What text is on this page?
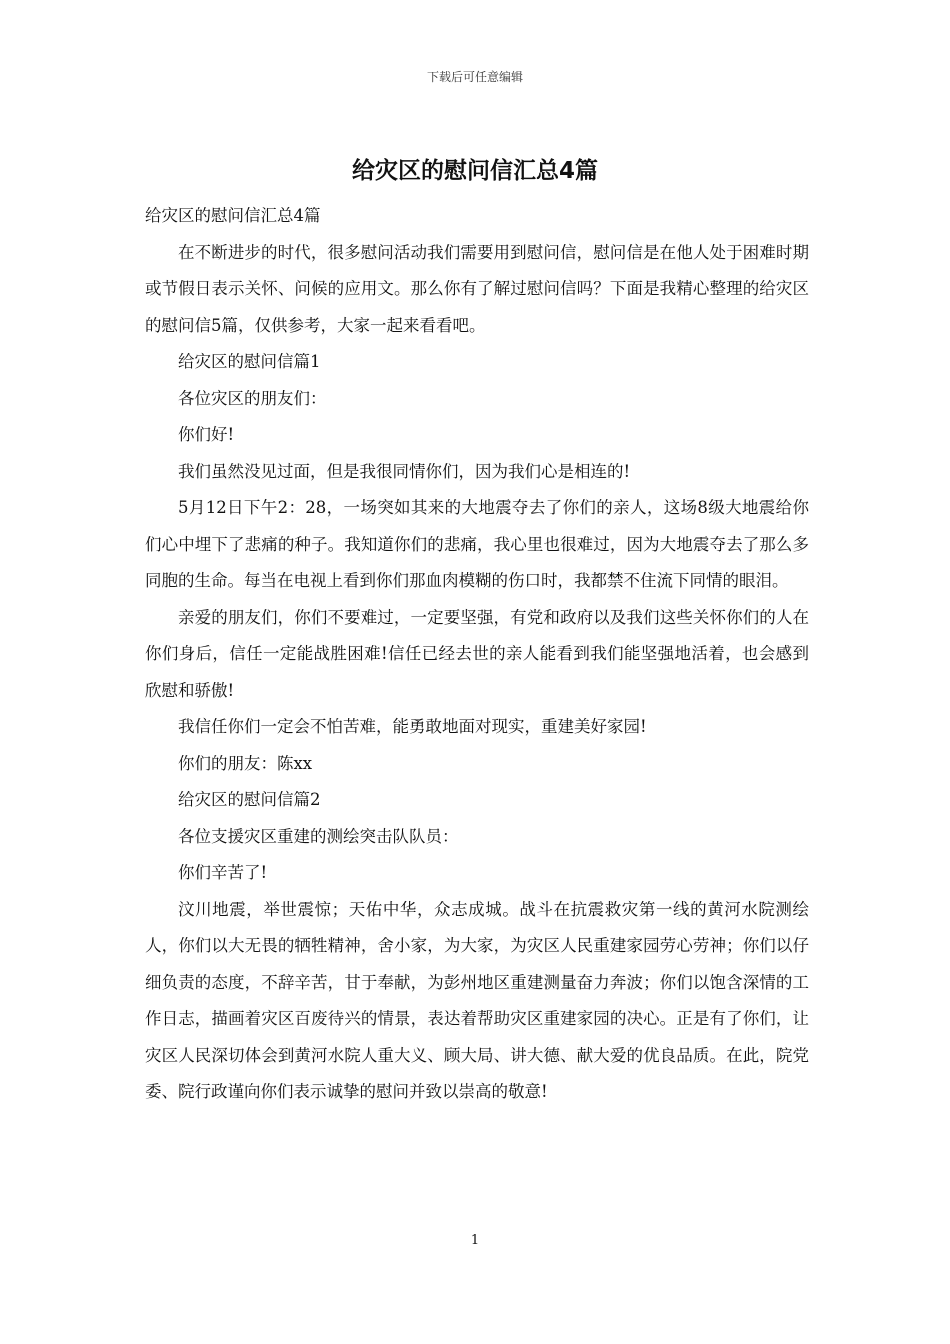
下载后可任意编辑
给灾区的慰问信汇总4篇

给灾区的慰问信汇总4篇

在不断进步的时代，很多慰问活动我们需要用到慰问信，慰问信是在他人处于困难时期或节假日表示关怀、问候的应用文。那么你有了解过慰问信吗？下面是我精心整理的给灾区的慰问信5篇，仅供参考，大家一起来看看吧。

给灾区的慰问信篇1

各位灾区的朋友们：

你们好!

我们虽然没见过面，但是我很同情你们，因为我们心是相连的!

5月12日下午2：28，一场突如其来的大地震夺去了你们的亲人，这场8级大地震给你们心中埋下了悲痛的种子。我知道你们的悲痛，我心里也很难过，因为大地震夺去了那么多同胞的生命。每当在电视上看到你们那血肉模糊的伤口时，我都禁不住流下同情的眼泪。

亲爱的朋友们，你们不要难过，一定要坚强，有党和政府以及我们这些关怀你们的人在你们身后，信任一定能战胜困难!信任已经去世的亲人能看到我们能坚强地活着，也会感到欣慰和骄傲!

我信任你们一定会不怕苦难，能勇敢地面对现实，重建美好家园!

你们的朋友：陈xx

给灾区的慰问信篇2

各位支援灾区重建的测绘突击队队员：

你们辛苦了!

汶川地震，举世震惊；天佑中华，众志成城。战斗在抗震救灾第一线的黄河水院测绘人，你们以大无畏的牺牲精神，舍小家，为大家，为灾区人民重建家园劳心劳神；你们以仔细负责的态度，不辞辛苦，甘于奉献，为彭州地区重建测量奋力奔波；你们以饱含深情的工作日志，描画着灾区百废待兴的情景，表达着帮助灾区重建家园的决心。正是有了你们，让灾区人民深切体会到黄河水院人重大义、顾大局、讲大德、献大爱的优良品质。在此，院党委、院行政谨向你们表示诚挚的慰问并致以崇高的敬意!

1
